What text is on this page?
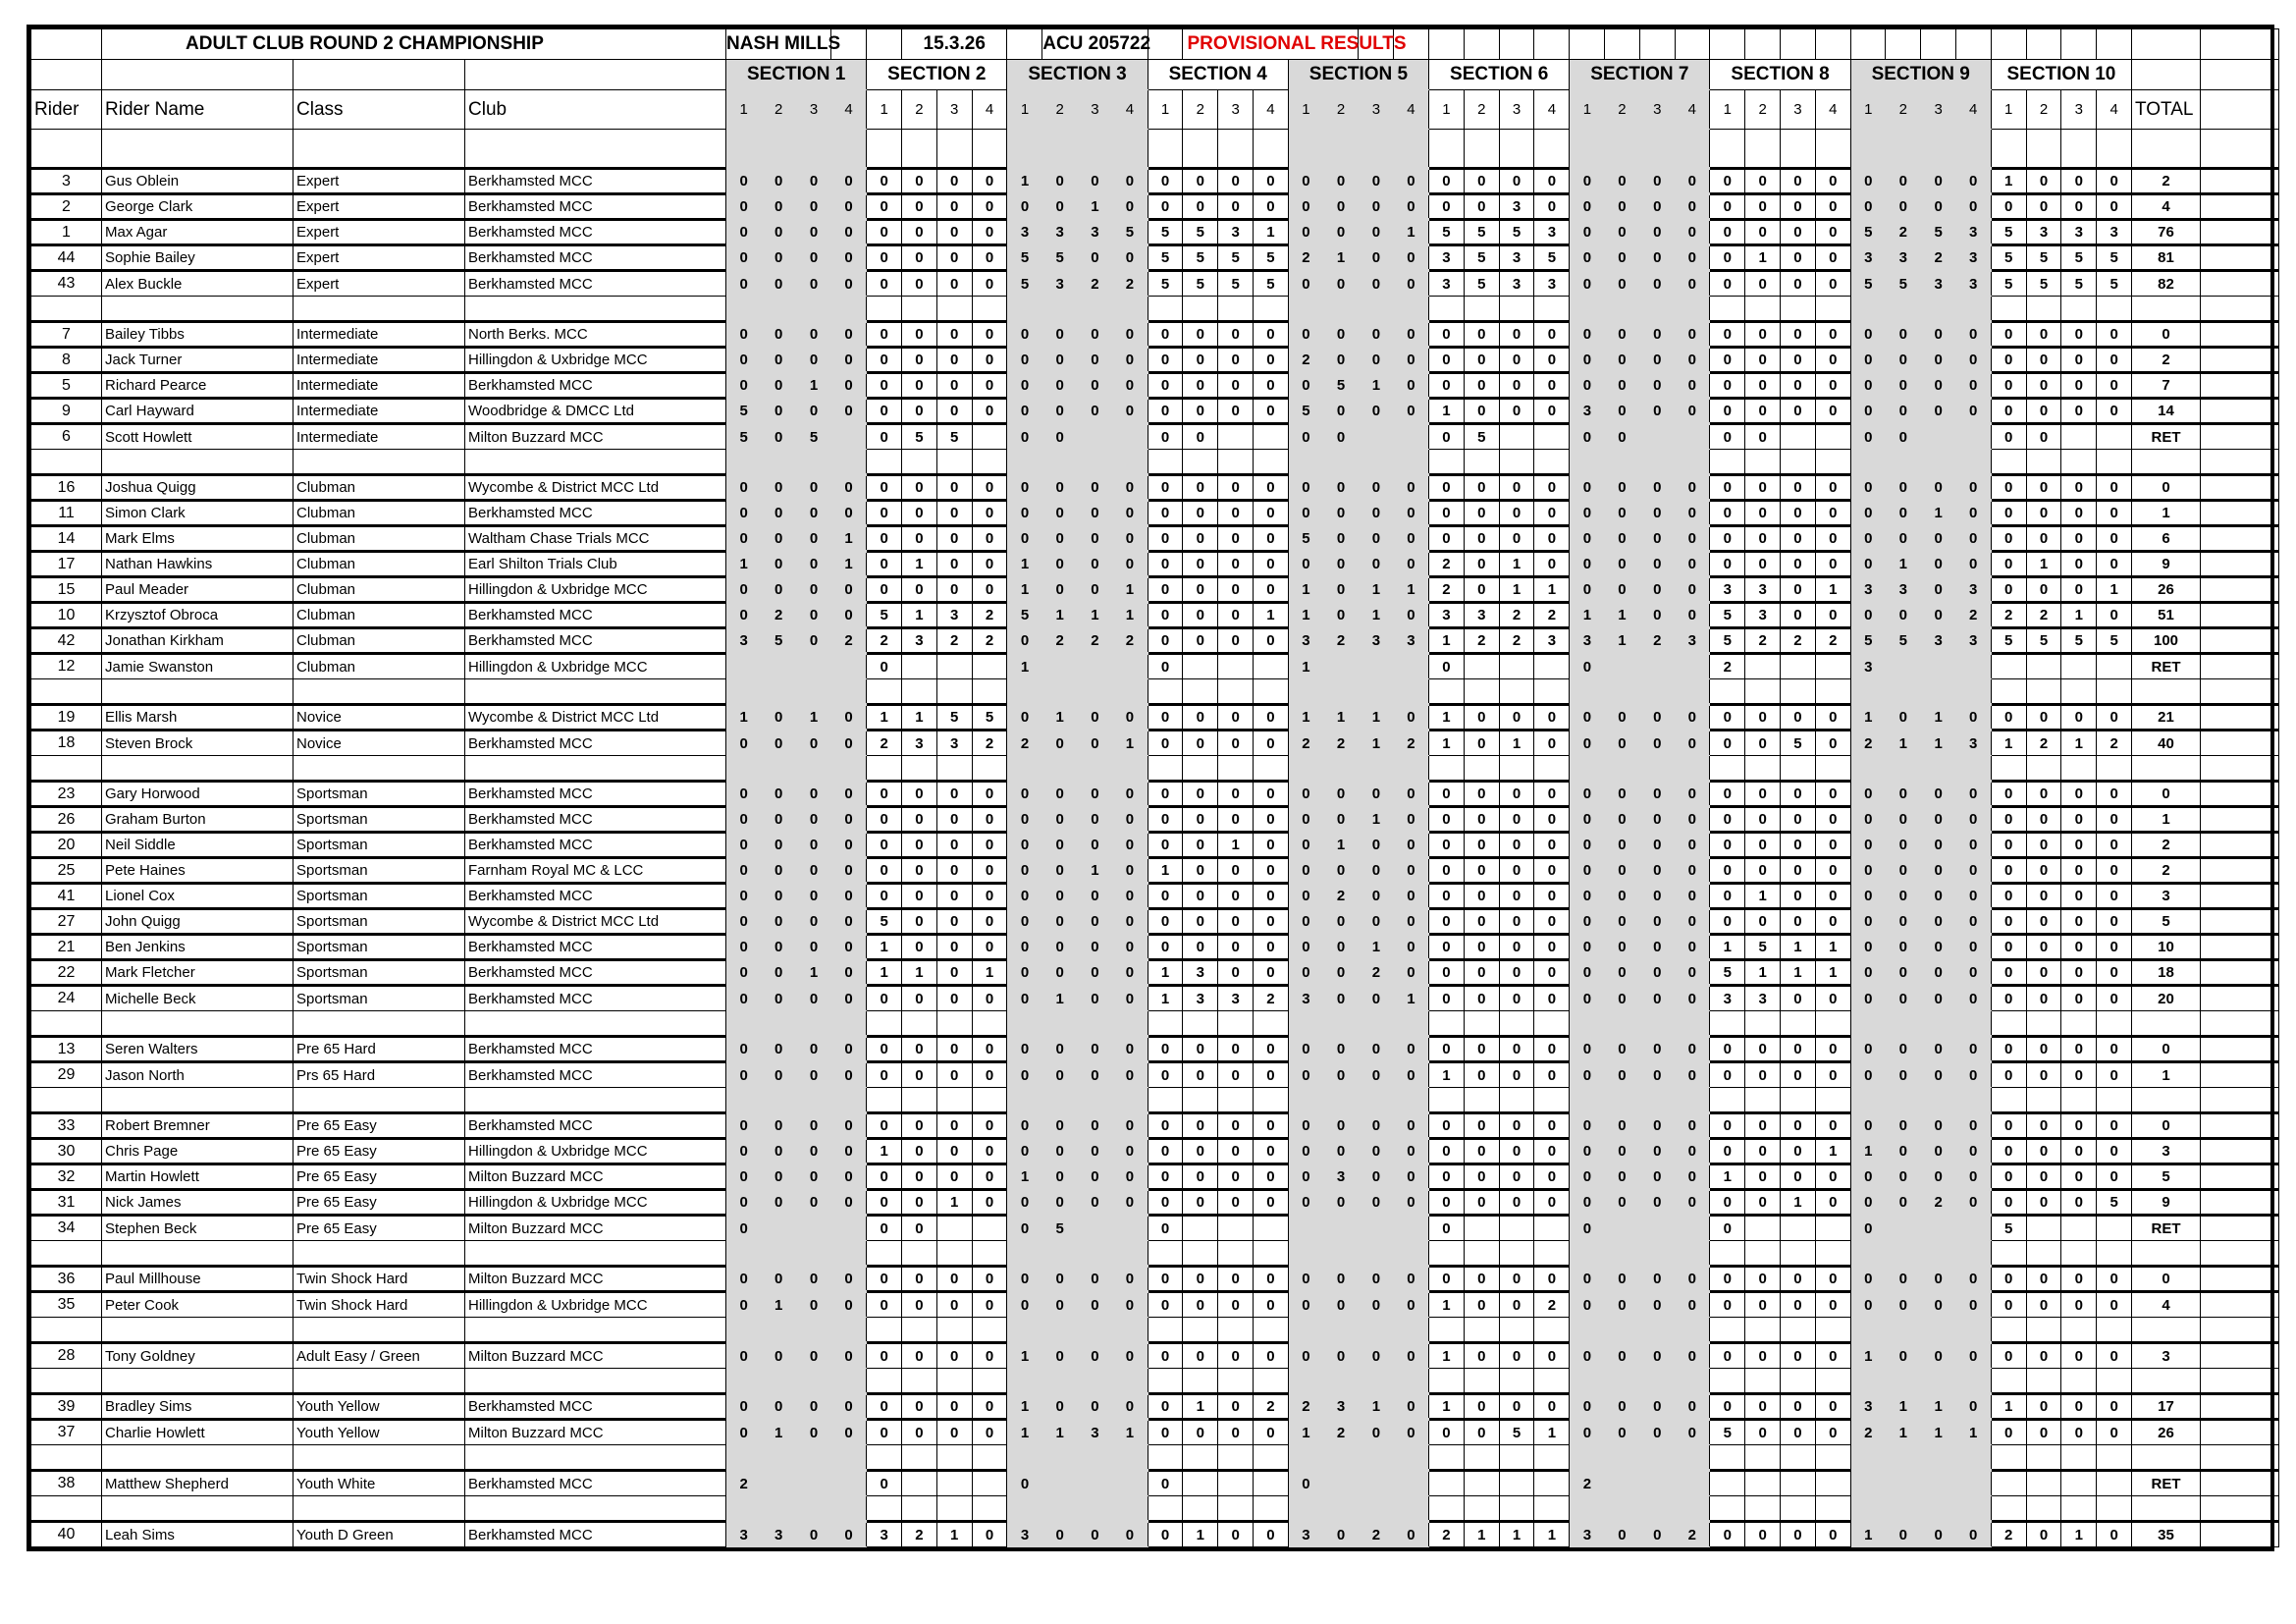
	ADULT CLUB ROUND 2 CHAMPIONSHIP			NASH MILLS					15.3.26				ACU 205722				PROVISIONAL RESULTS																												
				SECTION 1				SECTION 2				SECTION 3				SECTION 4				SECTION 5				SECTION 6				SECTION 7				SECTION 8				SECTION 9				SECTION 10					
Rider	Rider Name	Class	Club	1	2	3	4	1	2	3	4	1	2	3	4	1	2	3	4	1	2	3	4	1	2	3	4	1	2	3	4	1	2	3	4	1	2	3	4	1	2	3	4	TOTAL	

3	Gus Oblein	Expert	Berkhamsted MCC	0	0	0	0	0	0	0	0	1	0	0	0	0	0	0	0	0	0	0	0	0	0	0	0	0	0	0	0	0	0	0	0	0	0	0	0	1	0	0	0	2	
2	George Clark	Expert	Berkhamsted MCC	0	0	0	0	0	0	0	0	0	0	1	0	0	0	0	0	0	0	0	0	0	0	3	0	0	0	0	0	0	0	0	0	0	0	0	0	0	0	0	0	4	
1	Max Agar	Expert	Berkhamsted MCC	0	0	0	0	0	0	0	0	3	3	3	5	5	5	3	1	0	0	0	1	5	5	5	3	0	0	0	0	0	0	0	0	5	2	5	3	5	3	3	3	76	
44	Sophie Bailey	Expert	Berkhamsted MCC	0	0	0	0	0	0	0	0	5	5	0	0	5	5	5	5	2	1	0	0	3	5	3	5	0	0	0	0	0	1	0	0	3	3	2	3	5	5	5	5	81	
43	Alex Buckle	Expert	Berkhamsted MCC	0	0	0	0	0	0	0	0	5	3	2	2	5	5	5	5	0	0	0	0	3	5	3	3	0	0	0	0	0	0	0	0	5	5	3	3	5	5	5	5	82	

7	Bailey Tibbs	Intermediate	North Berks. MCC	0	0	0	0	0	0	0	0	0	0	0	0	0	0	0	0	0	0	0	0	0	0	0	0	0	0	0	0	0	0	0	0	0	0	0	0	0	0	0	0	0	
8	Jack Turner	Intermediate	Hillingdon & Uxbridge MCC	0	0	0	0	0	0	0	0	0	0	0	0	0	0	0	0	2	0	0	0	0	0	0	0	0	0	0	0	0	0	0	0	0	0	0	0	0	0	0	0	2	
5	Richard Pearce	Intermediate	Berkhamsted MCC	0	0	1	0	0	0	0	0	0	0	0	0	0	0	0	0	0	5	1	0	0	0	0	0	0	0	0	0	0	0	0	0	0	0	0	0	0	0	0	0	7	
9	Carl Hayward	Intermediate	Woodbridge & DMCC Ltd	5	0	0	0	0	0	0	0	0	0	0	0	0	0	0	0	5	0	0	0	1	0	0	0	3	0	0	0	0	0	0	0	0	0	0	0	0	0	0	0	14	
6	Scott Howlett	Intermediate	Milton Buzzard MCC	5	0	5		0	5	5		0	0			0	0			0	0			0	5			0	0			0	0			0	0			0	0			RET	

16	Joshua Quigg	Clubman	Wycombe & District MCC Ltd	0	0	0	0	0	0	0	0	0	0	0	0	0	0	0	0	0	0	0	0	0	0	0	0	0	0	0	0	0	0	0	0	0	0	0	0	0	0	0	0	0	
11	Simon Clark	Clubman	Berkhamsted MCC	0	0	0	0	0	0	0	0	0	0	0	0	0	0	0	0	0	0	0	0	0	0	0	0	0	0	0	0	0	0	0	0	0	0	1	0	0	0	0	0	1	
14	Mark Elms	Clubman	Waltham Chase Trials MCC	0	0	0	1	0	0	0	0	0	0	0	0	0	0	0	0	5	0	0	0	0	0	0	0	0	0	0	0	0	0	0	0	0	0	0	0	0	0	0	0	6	
17	Nathan Hawkins	Clubman	Earl Shilton Trials Club	1	0	0	1	0	1	0	0	1	0	0	0	0	0	0	0	0	0	0	0	2	0	1	0	0	0	0	0	0	0	0	0	0	1	0	0	0	1	0	0	9	
15	Paul Meader	Clubman	Hillingdon & Uxbridge MCC	0	0	0	0	0	0	0	0	1	0	0	1	0	0	0	0	1	0	1	1	2	0	1	1	0	0	0	0	3	3	0	1	3	3	0	3	0	0	0	1	26	
10	Krzysztof Obroca	Clubman	Berkhamsted MCC	0	2	0	0	5	1	3	2	5	1	1	1	0	0	0	1	1	0	1	0	3	3	2	2	1	1	0	0	5	3	0	0	0	0	0	2	2	2	1	0	51	
42	Jonathan Kirkham	Clubman	Berkhamsted MCC	3	5	0	2	2	3	2	2	0	2	2	2	0	0	0	0	3	2	3	3	1	2	2	3	3	1	2	3	5	2	2	2	5	5	3	3	5	5	5	5	100	
12	Jamie Swanston	Clubman	Hillingdon & Uxbridge MCC					0				1				0				1				0				0				2				3								RET	

19	Ellis Marsh	Novice	Wycombe & District MCC Ltd	1	0	1	0	1	1	5	5	0	1	0	0	0	0	0	0	1	1	1	0	1	0	0	0	0	0	0	0	0	0	0	0	1	0	1	0	0	0	0	0	21	
18	Steven Brock	Novice	Berkhamsted MCC	0	0	0	0	2	3	3	2	2	0	0	1	0	0	0	0	2	2	1	2	1	0	1	0	0	0	0	0	0	0	5	0	2	1	1	3	1	2	1	2	40	

23	Gary Horwood	Sportsman	Berkhamsted MCC	0	0	0	0	0	0	0	0	0	0	0	0	0	0	0	0	0	0	0	0	0	0	0	0	0	0	0	0	0	0	0	0	0	0	0	0	0	0	0	0	0	
26	Graham Burton	Sportsman	Berkhamsted MCC	0	0	0	0	0	0	0	0	0	0	0	0	0	0	0	0	0	0	1	0	0	0	0	0	0	0	0	0	0	0	0	0	0	0	0	0	0	0	0	0	1	
20	Neil Siddle	Sportsman	Berkhamsted MCC	0	0	0	0	0	0	0	0	0	0	0	0	0	0	1	0	0	1	0	0	0	0	0	0	0	0	0	0	0	0	0	0	0	0	0	0	0	0	0	0	2	
25	Pete Haines	Sportsman	Farnham Royal MC & LCC	0	0	0	0	0	0	0	0	0	0	1	0	1	0	0	0	0	0	0	0	0	0	0	0	0	0	0	0	0	0	0	0	0	0	0	0	0	0	0	0	2	
41	Lionel Cox	Sportsman	Berkhamsted MCC	0	0	0	0	0	0	0	0	0	0	0	0	0	0	0	0	0	2	0	0	0	0	0	0	0	0	0	0	0	1	0	0	0	0	0	0	0	0	0	0	3	
27	John Quigg	Sportsman	Wycombe & District MCC Ltd	0	0	0	0	5	0	0	0	0	0	0	0	0	0	0	0	0	0	0	0	0	0	0	0	0	0	0	0	0	0	0	0	0	0	0	0	0	0	0	0	5	
21	Ben Jenkins	Sportsman	Berkhamsted MCC	0	0	0	0	1	0	0	0	0	0	0	0	0	0	0	0	0	0	1	0	0	0	0	0	0	0	0	0	1	5	1	1	0	0	0	0	0	0	0	0	10	
22	Mark Fletcher	Sportsman	Berkhamsted MCC	0	0	1	0	1	1	0	1	0	0	0	0	1	3	0	0	0	0	2	0	0	0	0	0	0	0	0	0	5	1	1	1	0	0	0	0	0	0	0	0	18	
24	Michelle Beck	Sportsman	Berkhamsted MCC	0	0	0	0	0	0	0	0	0	1	0	0	1	3	3	2	3	0	0	1	0	0	0	0	0	0	0	0	3	3	0	0	0	0	0	0	0	0	0	0	20	

13	Seren Walters	Pre 65 Hard	Berkhamsted MCC	0	0	0	0	0	0	0	0	0	0	0	0	0	0	0	0	0	0	0	0	0	0	0	0	0	0	0	0	0	0	0	0	0	0	0	0	0	0	0	0	0	
29	Jason North	Prs 65 Hard	Berkhamsted MCC	0	0	0	0	0	0	0	0	0	0	0	0	0	0	0	0	0	0	0	0	1	0	0	0	0	0	0	0	0	0	0	0	0	0	0	0	0	0	0	0	1	

33	Robert Bremner	Pre 65 Easy	Berkhamsted MCC	0	0	0	0	0	0	0	0	0	0	0	0	0	0	0	0	0	0	0	0	0	0	0	0	0	0	0	0	0	0	0	0	0	0	0	0	0	0	0	0	0	
30	Chris Page	Pre 65 Easy	Hillingdon & Uxbridge MCC	0	0	0	0	1	0	0	0	0	0	0	0	0	0	0	0	0	0	0	0	0	0	0	0	0	0	0	0	0	0	0	1	1	0	0	0	0	0	0	0	3	
32	Martin Howlett	Pre 65 Easy	Milton Buzzard MCC	0	0	0	0	0	0	0	0	1	0	0	0	0	0	0	0	0	3	0	0	0	0	0	0	0	0	0	0	1	0	0	0	0	0	0	0	0	0	0	0	5	
31	Nick James	Pre 65 Easy	Hillingdon & Uxbridge MCC	0	0	0	0	0	0	1	0	0	0	0	0	0	0	0	0	0	0	0	0	0	0	0	0	0	0	0	0	0	0	1	0	0	0	2	0	0	0	0	5	9	
34	Stephen Beck	Pre 65 Easy	Milton Buzzard MCC	0				0	0			0	5			0								0				0				0				0				5				RET	

36	Paul Millhouse	Twin Shock Hard	Milton Buzzard MCC	0	0	0	0	0	0	0	0	0	0	0	0	0	0	0	0	0	0	0	0	0	0	0	0	0	0	0	0	0	0	0	0	0	0	0	0	0	0	0	0	0	
35	Peter Cook	Twin Shock Hard	Hillingdon & Uxbridge MCC	0	1	0	0	0	0	0	0	0	0	0	0	0	0	0	0	0	0	0	0	1	0	0	2	0	0	0	0	0	0	0	0	0	0	0	0	0	0	0	0	4	

28	Tony Goldney	Adult Easy / Green	Milton Buzzard MCC	0	0	0	0	0	0	0	0	1	0	0	0	0	0	0	0	0	0	0	0	1	0	0	0	0	0	0	0	0	0	0	0	1	0	0	0	0	0	0	0	3	

39	Bradley Sims	Youth Yellow	Berkhamsted MCC	0	0	0	0	0	0	0	0	1	0	0	0	0	1	0	2	2	3	1	0	1	0	0	0	0	0	0	0	0	0	0	0	3	1	1	0	1	0	0	0	17	
37	Charlie Howlett	Youth Yellow	Milton Buzzard MCC	0	1	0	0	0	0	0	0	1	1	3	1	0	0	0	0	1	2	0	0	0	0	5	1	0	0	0	0	5	0	0	0	2	1	1	1	0	0	0	0	26	

38	Matthew Shepherd	Youth White	Berkhamsted MCC	2				0				0				0				0								2																RET	

40	Leah Sims	Youth D Green	Berkhamsted MCC	3	3	0	0	3	2	1	0	3	0	0	0	0	1	0	0	3	0	2	0	2	1	1	1	3	0	0	2	0	0	0	0	1	0	0	0	2	0	1	0	35	
